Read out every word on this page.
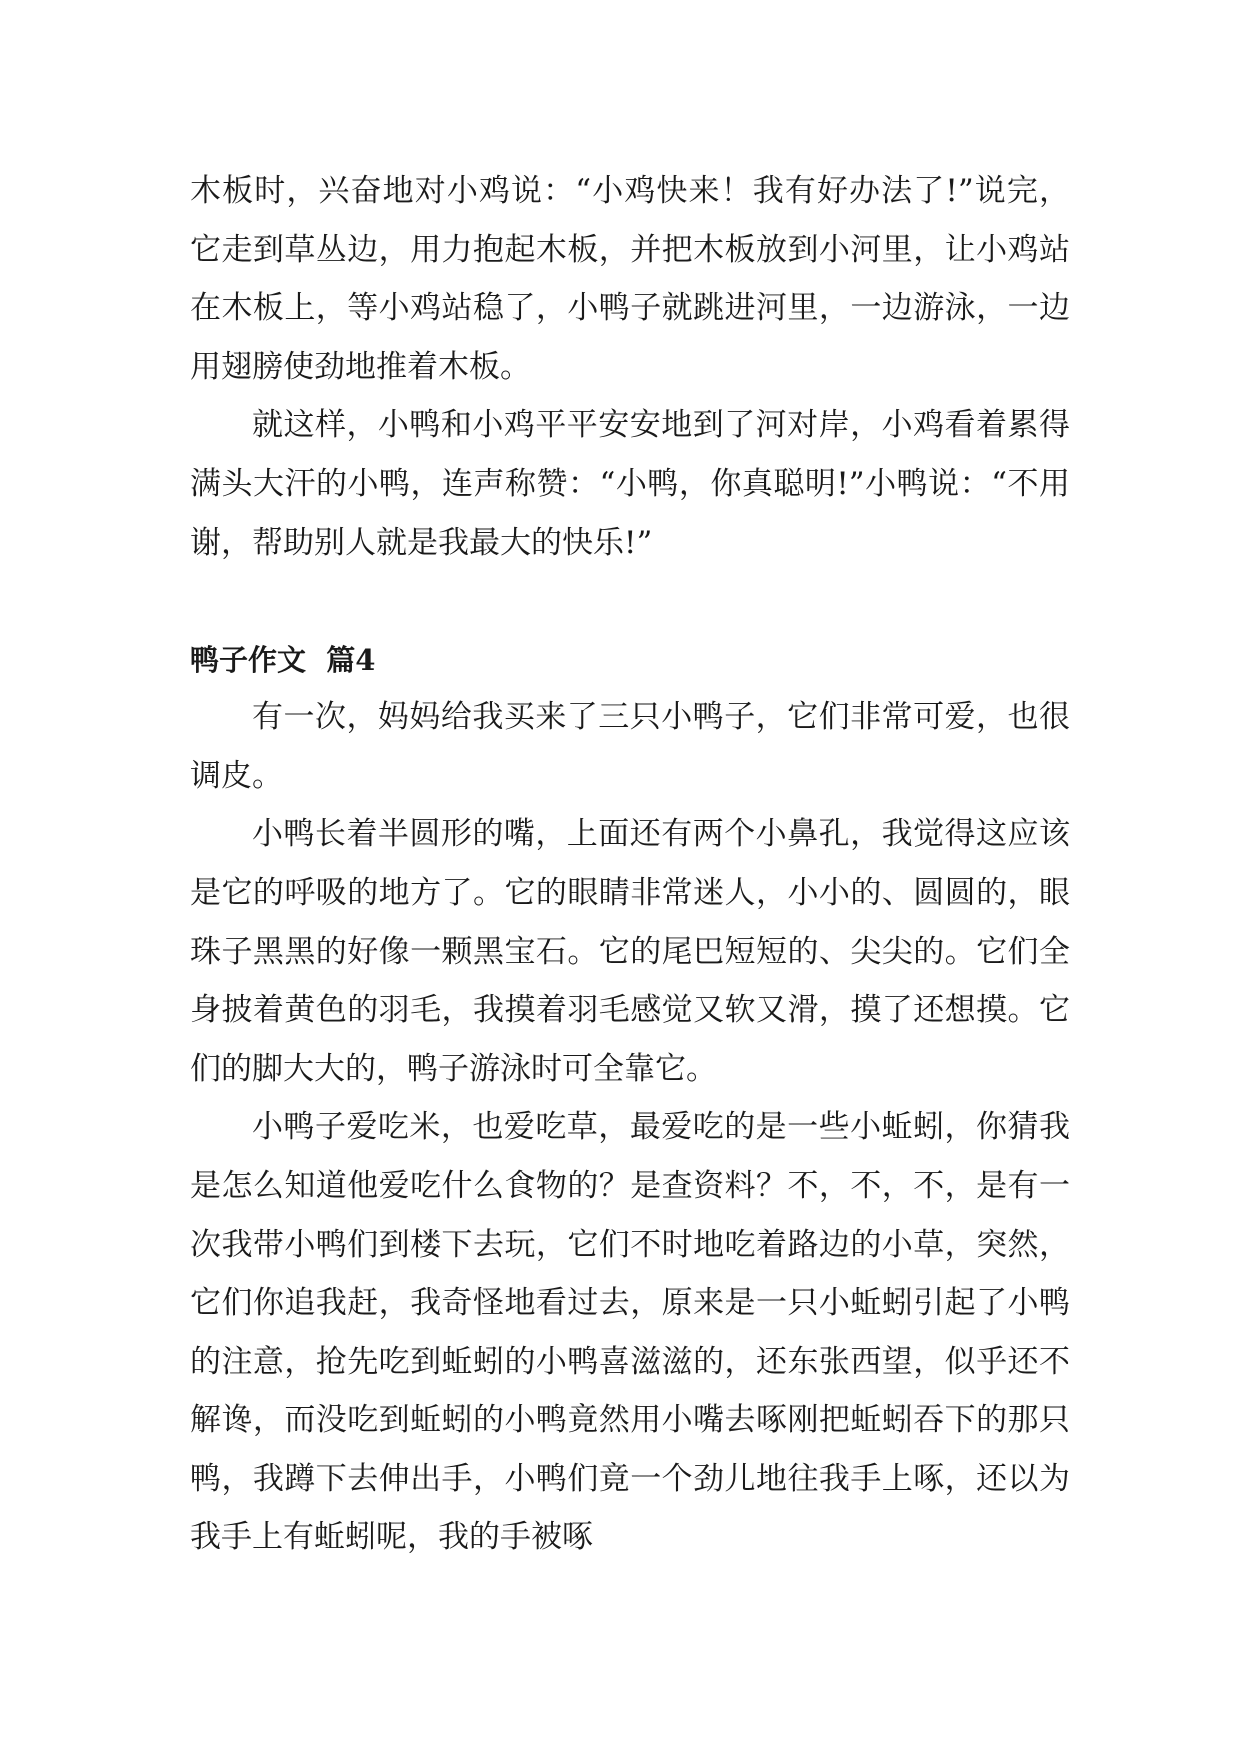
木板时，兴奋地对小鸡说：“小鸡快来！我有好办法了!”说完，它走到草丛边，用力抱起木板，并把木板放到小河里，让小鸡站在木板上，等小鸡站稳了，小鸭子就跳进河里，一边游泳，一边用翅膀使劲地推着木板。

就这样，小鸭和小鸡平平安安地到了河对岸，小鸡看着累得满头大汗的小鸭，连声称赞：“小鸭，你真聪明!”小鸭说：“不用谢，帮助别人就是我最大的快乐!”

鸭子作文  篇4

有一次，妈妈给我买来了三只小鸭子，它们非常可爱，也很调皮。

小鸭长着半圆形的嘴，上面还有两个小鼻孔，我觉得这应该是它的呼吸的地方了。它的眼睛非常迷人，小小的、圆圆的，眼珠子黑黑的好像一颗黑宝石。它的尾巴短短的、尖尖的。它们全身披着黄色的羽毛，我摸着羽毛感觉又软又滑，摸了还想摸。它们的脚大大的，鸭子游泳时可全靠它。

小鸭子爱吃米，也爱吃草，最爱吃的是一些小蚯蚓，你猜我是怎么知道他爱吃什么食物的？是查资料？不，不，不，是有一次我带小鸭们到楼下去玩，它们不时地吃着路边的小草，突然，它们你追我赶，我奇怪地看过去，原来是一只小蚯蚓引起了小鸭的注意，抢先吃到蚯蚓的小鸭喜滋滋的，还东张西望，似乎还不解谗，而没吃到蚯蚓的小鸭竟然用小嘴去啄刚把蚯蚓吞下的那只鸭，我蹲下去伸出手，小鸭们竟一个劲儿地往我手上啄，还以为我手上有蚯蚓呢，我的手被啄
